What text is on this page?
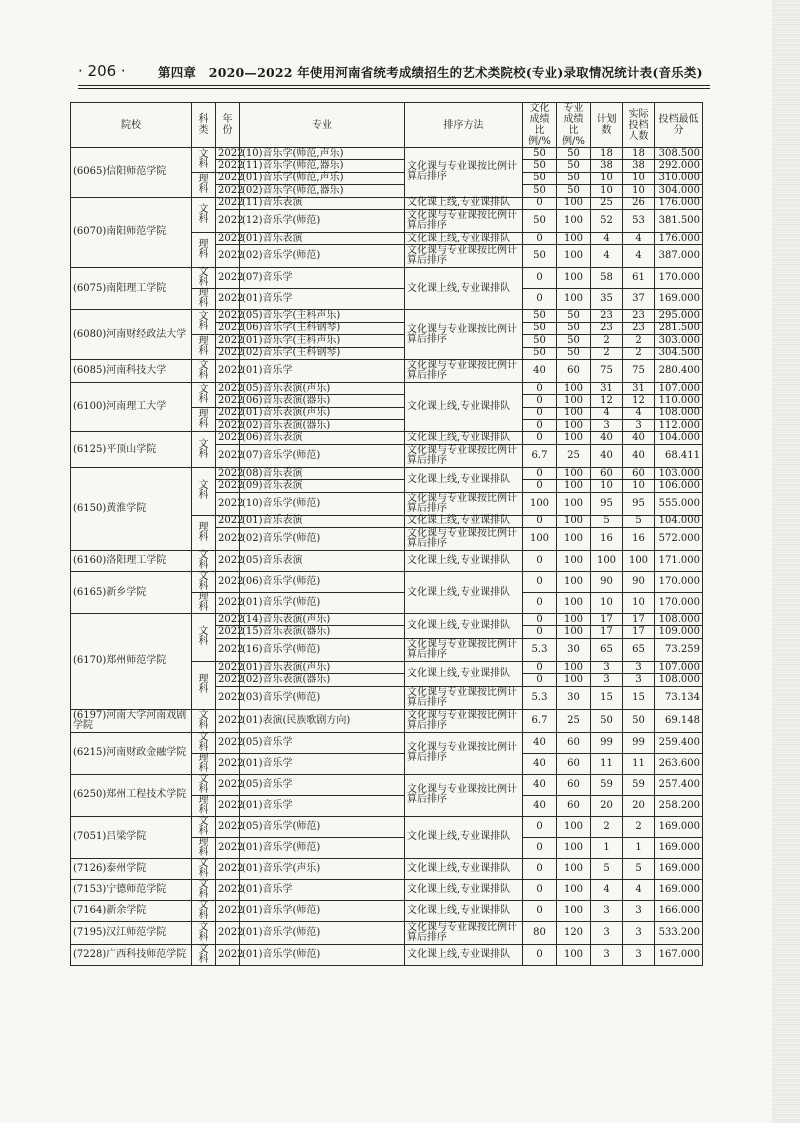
· 206 ·	第四章　2020—2022 年使用河南省统考成绩招生的艺术类院校(专业)录取情况统计表(音乐类)
院校	科类	年份	专业	排序方法	文化成绩比例/%	专业成绩比例/%	计划数	实际投档人数	投档最低分
(6065)信阳师范学院	文科	2022	(10)音乐学(师范,声乐)	文化课与专业课按比例计算后排序	50	50	18	18	308.500
		2022	(11)音乐学(师范,器乐)		50	50	38	38	292.000
	理科	2022	(01)音乐学(师范,声乐)		50	50	10	10	310.000
		2022	(02)音乐学(师范,器乐)		50	50	10	10	304.000
(6070)南阳师范学院	文科	2022	(11)音乐表演	文化课上线,专业课排队	0	100	25	26	176.000
		2022	(12)音乐学(师范)	文化课与专业课按比例计算后排序	50	100	52	53	381.500
	理科	2022	(01)音乐表演	文化课上线,专业课排队	0	100	4	4	176.000
		2022	(02)音乐学(师范)	文化课与专业课按比例计算后排序	50	100	4	4	387.000
(6075)南阳理工学院	文科	2022	(07)音乐学	文化课上线,专业课排队	0	100	58	61	170.000
	理科	2022	(01)音乐学		0	100	35	37	169.000
(6080)河南财经政法大学	文科	2022	(05)音乐学(主科声乐)	文化课与专业课按比例计算后排序	50	50	23	23	295.000
		2022	(06)音乐学(主科钢琴)		50	50	23	23	281.500
	理科	2022	(01)音乐学(主科声乐)		50	50	2	2	303.000
		2022	(02)音乐学(主科钢琴)		50	50	2	2	304.500
(6085)河南科技大学	文科	2022	(01)音乐学	文化课与专业课按比例计算后排序	40	60	75	75	280.400
(6100)河南理工大学	文科	2022	(05)音乐表演(声乐)	文化课上线,专业课排队	0	100	31	31	107.000
		2022	(06)音乐表演(器乐)		0	100	12	12	110.000
	理科	2022	(01)音乐表演(声乐)		0	100	4	4	108.000
		2022	(02)音乐表演(器乐)		0	100	3	3	112.000
(6125)平顶山学院	文科	2022	(06)音乐表演	文化课上线,专业课排队	0	100	40	40	104.000
		2022	(07)音乐学(师范)	文化课与专业课按比例计算后排序	6.7	25	40	40	68.411
(6150)黄淮学院	文科	2022	(08)音乐表演	文化课上线,专业课排队	0	100	60	60	103.000
		2022	(09)音乐表演		0	100	10	10	106.000
		2022	(10)音乐学(师范)	文化课与专业课按比例计算后排序	100	100	95	95	555.000
	理科	2022	(01)音乐表演	文化课上线,专业课排队	0	100	5	5	104.000
		2022	(02)音乐学(师范)	文化课与专业课按比例计算后排序	100	100	16	16	572.000
(6160)洛阳理工学院	文科	2022	(05)音乐表演	文化课上线,专业课排队	0	100	100	100	171.000
(6165)新乡学院	文科	2022	(06)音乐学(师范)	文化课上线,专业课排队	0	100	90	90	170.000
	理科	2022	(01)音乐学(师范)		0	100	10	10	170.000
(6170)郑州师范学院	文科	2022	(14)音乐表演(声乐)	文化课上线,专业课排队	0	100	17	17	108.000
		2022	(15)音乐表演(器乐)		0	100	17	17	109.000
		2022	(16)音乐学(师范)	文化课与专业课按比例计算后排序	5.3	30	65	65	73.259
	理科	2022	(01)音乐表演(声乐)	文化课上线,专业课排队	0	100	3	3	107.000
		2022	(02)音乐表演(器乐)		0	100	3	3	108.000
		2022	(03)音乐学(师范)	文化课与专业课按比例计算后排序	5.3	30	15	15	73.134
(6197)河南大学河南戏剧学院	文科	2022	(01)表演(民族歌剧方向)	文化课与专业课按比例计算后排序	6.7	25	50	50	69.148
(6215)河南财政金融学院	文科	2022	(05)音乐学	文化课与专业课按比例计算后排序	40	60	99	99	259.400
	理科	2022	(01)音乐学		40	60	11	11	263.600
(6250)郑州工程技术学院	文科	2022	(05)音乐学	文化课与专业课按比例计算后排序	40	60	59	59	257.400
	理科	2022	(01)音乐学		40	60	20	20	258.200
(7051)吕梁学院	文科	2022	(05)音乐学(师范)	文化课上线,专业课排队	0	100	2	2	169.000
	理科	2022	(01)音乐学(师范)		0	100	1	1	169.000
(7126)泰州学院	文科	2022	(01)音乐学(声乐)	文化课上线,专业课排队	0	100	5	5	169.000
(7153)宁德师范学院	文科	2022	(01)音乐学	文化课上线,专业课排队	0	100	4	4	169.000
(7164)新余学院	文科	2022	(01)音乐学(师范)	文化课上线,专业课排队	0	100	3	3	166.000
(7195)汉江师范学院	文科	2022	(01)音乐学(师范)	文化课与专业课按比例计算后排序	80	120	3	3	533.200
(7228)广西科技师范学院	文科	2022	(01)音乐学(师范)	文化课上线,专业课排队	0	100	3	3	167.000
